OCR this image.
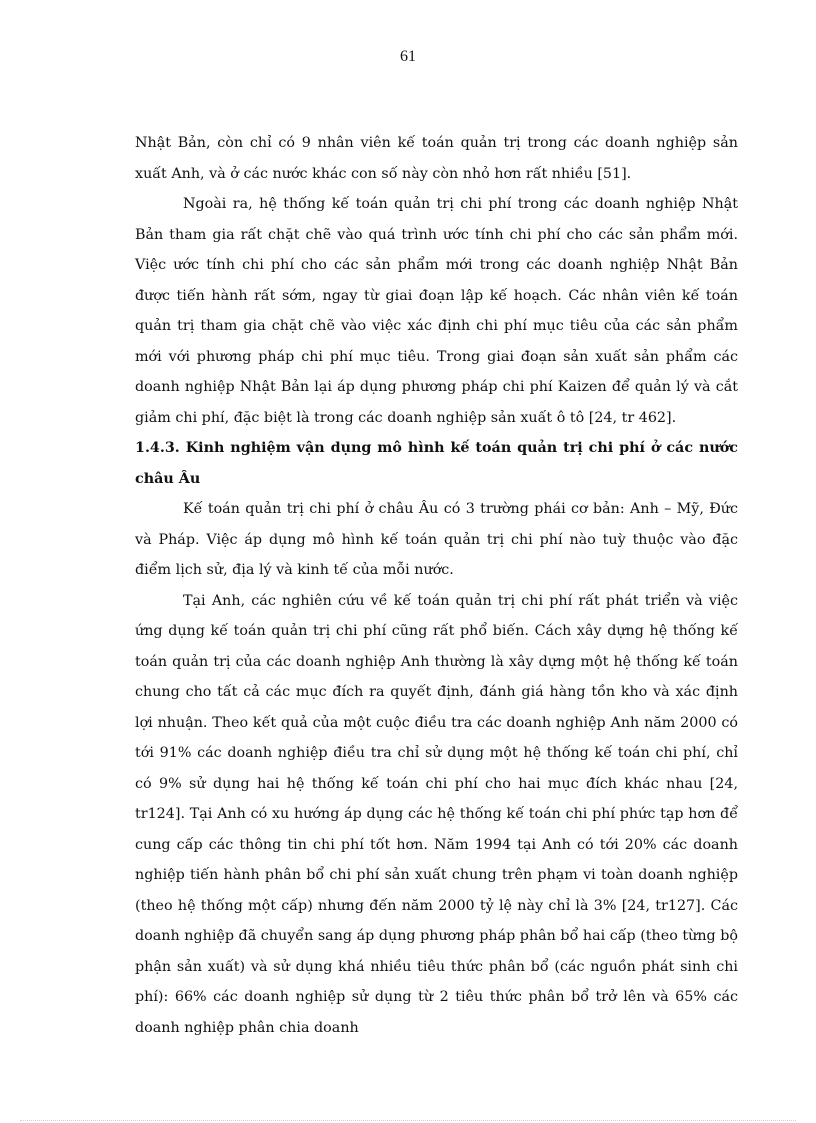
61

Nhật Bản, còn chỉ có 9 nhân viên kế toán quản trị trong các doanh nghiệp sản xuất Anh, và ở các nước khác con số này còn nhỏ hơn rất nhiều [51].

Ngoài ra, hệ thống kế toán quản trị chi phí trong các doanh nghiệp Nhật Bản tham gia rất chặt chẽ vào quá trình ước tính chi phí cho các sản phẩm mới. Việc ước tính chi phí cho các sản phẩm mới trong các doanh nghiệp Nhật Bản được tiến hành rất sớm, ngay từ giai đoạn lập kế hoạch. Các nhân viên kế toán quản trị tham gia chặt chẽ vào việc xác định chi phí mục tiêu của các sản phẩm mới với phương pháp chi phí mục tiêu. Trong giai đoạn sản xuất sản phẩm các doanh nghiệp Nhật Bản lại áp dụng phương pháp chi phí Kaizen để quản lý và cắt giảm chi phí, đặc biệt là trong các doanh nghiệp sản xuất ô tô [24, tr 462].

1.4.3. Kinh nghiệm vận dụng mô hình kế toán quản trị chi phí ở các nước châu Âu

Kế toán quản trị chi phí ở châu Âu có 3 trường phái cơ bản: Anh – Mỹ, Đức và Pháp. Việc áp dụng mô hình kế toán quản trị chi phí nào tuỳ thuộc vào đặc điểm lịch sử, địa lý và kinh tế của mỗi nước.

Tại Anh, các nghiên cứu về kế toán quản trị chi phí rất phát triển và việc ứng dụng kế toán quản trị chi phí cũng rất phổ biến. Cách xây dựng hệ thống kế toán quản trị của các doanh nghiệp Anh thường là xây dựng một hệ thống kế toán chung cho tất cả các mục đích ra quyết định, đánh giá hàng tồn kho và xác định lợi nhuận. Theo kết quả của một cuộc điều tra các doanh nghiệp Anh năm 2000 có tới 91% các doanh nghiệp điều tra chỉ sử dụng một hệ thống kế toán chi phí, chỉ có 9% sử dụng hai hệ thống kế toán chi phí cho hai mục đích khác nhau [24, tr124]. Tại Anh có xu hướng áp dụng các hệ thống kế toán chi phí phức tạp hơn để cung cấp các thông tin chi phí tốt hơn. Năm 1994 tại Anh có tới 20% các doanh nghiệp tiến hành phân bổ chi phí sản xuất chung trên phạm vi toàn doanh nghiệp (theo hệ thống một cấp) nhưng đến năm 2000 tỷ lệ này chỉ là 3% [24, tr127]. Các doanh nghiệp đã chuyển sang áp dụng phương pháp phân bổ hai cấp (theo từng bộ phận sản xuất) và sử dụng khá nhiều tiêu thức phân bổ (các nguồn phát sinh chi phí): 66% các doanh nghiệp sử dụng từ 2 tiêu thức phân bổ trở lên và 65% các doanh nghiệp phân chia doanh
